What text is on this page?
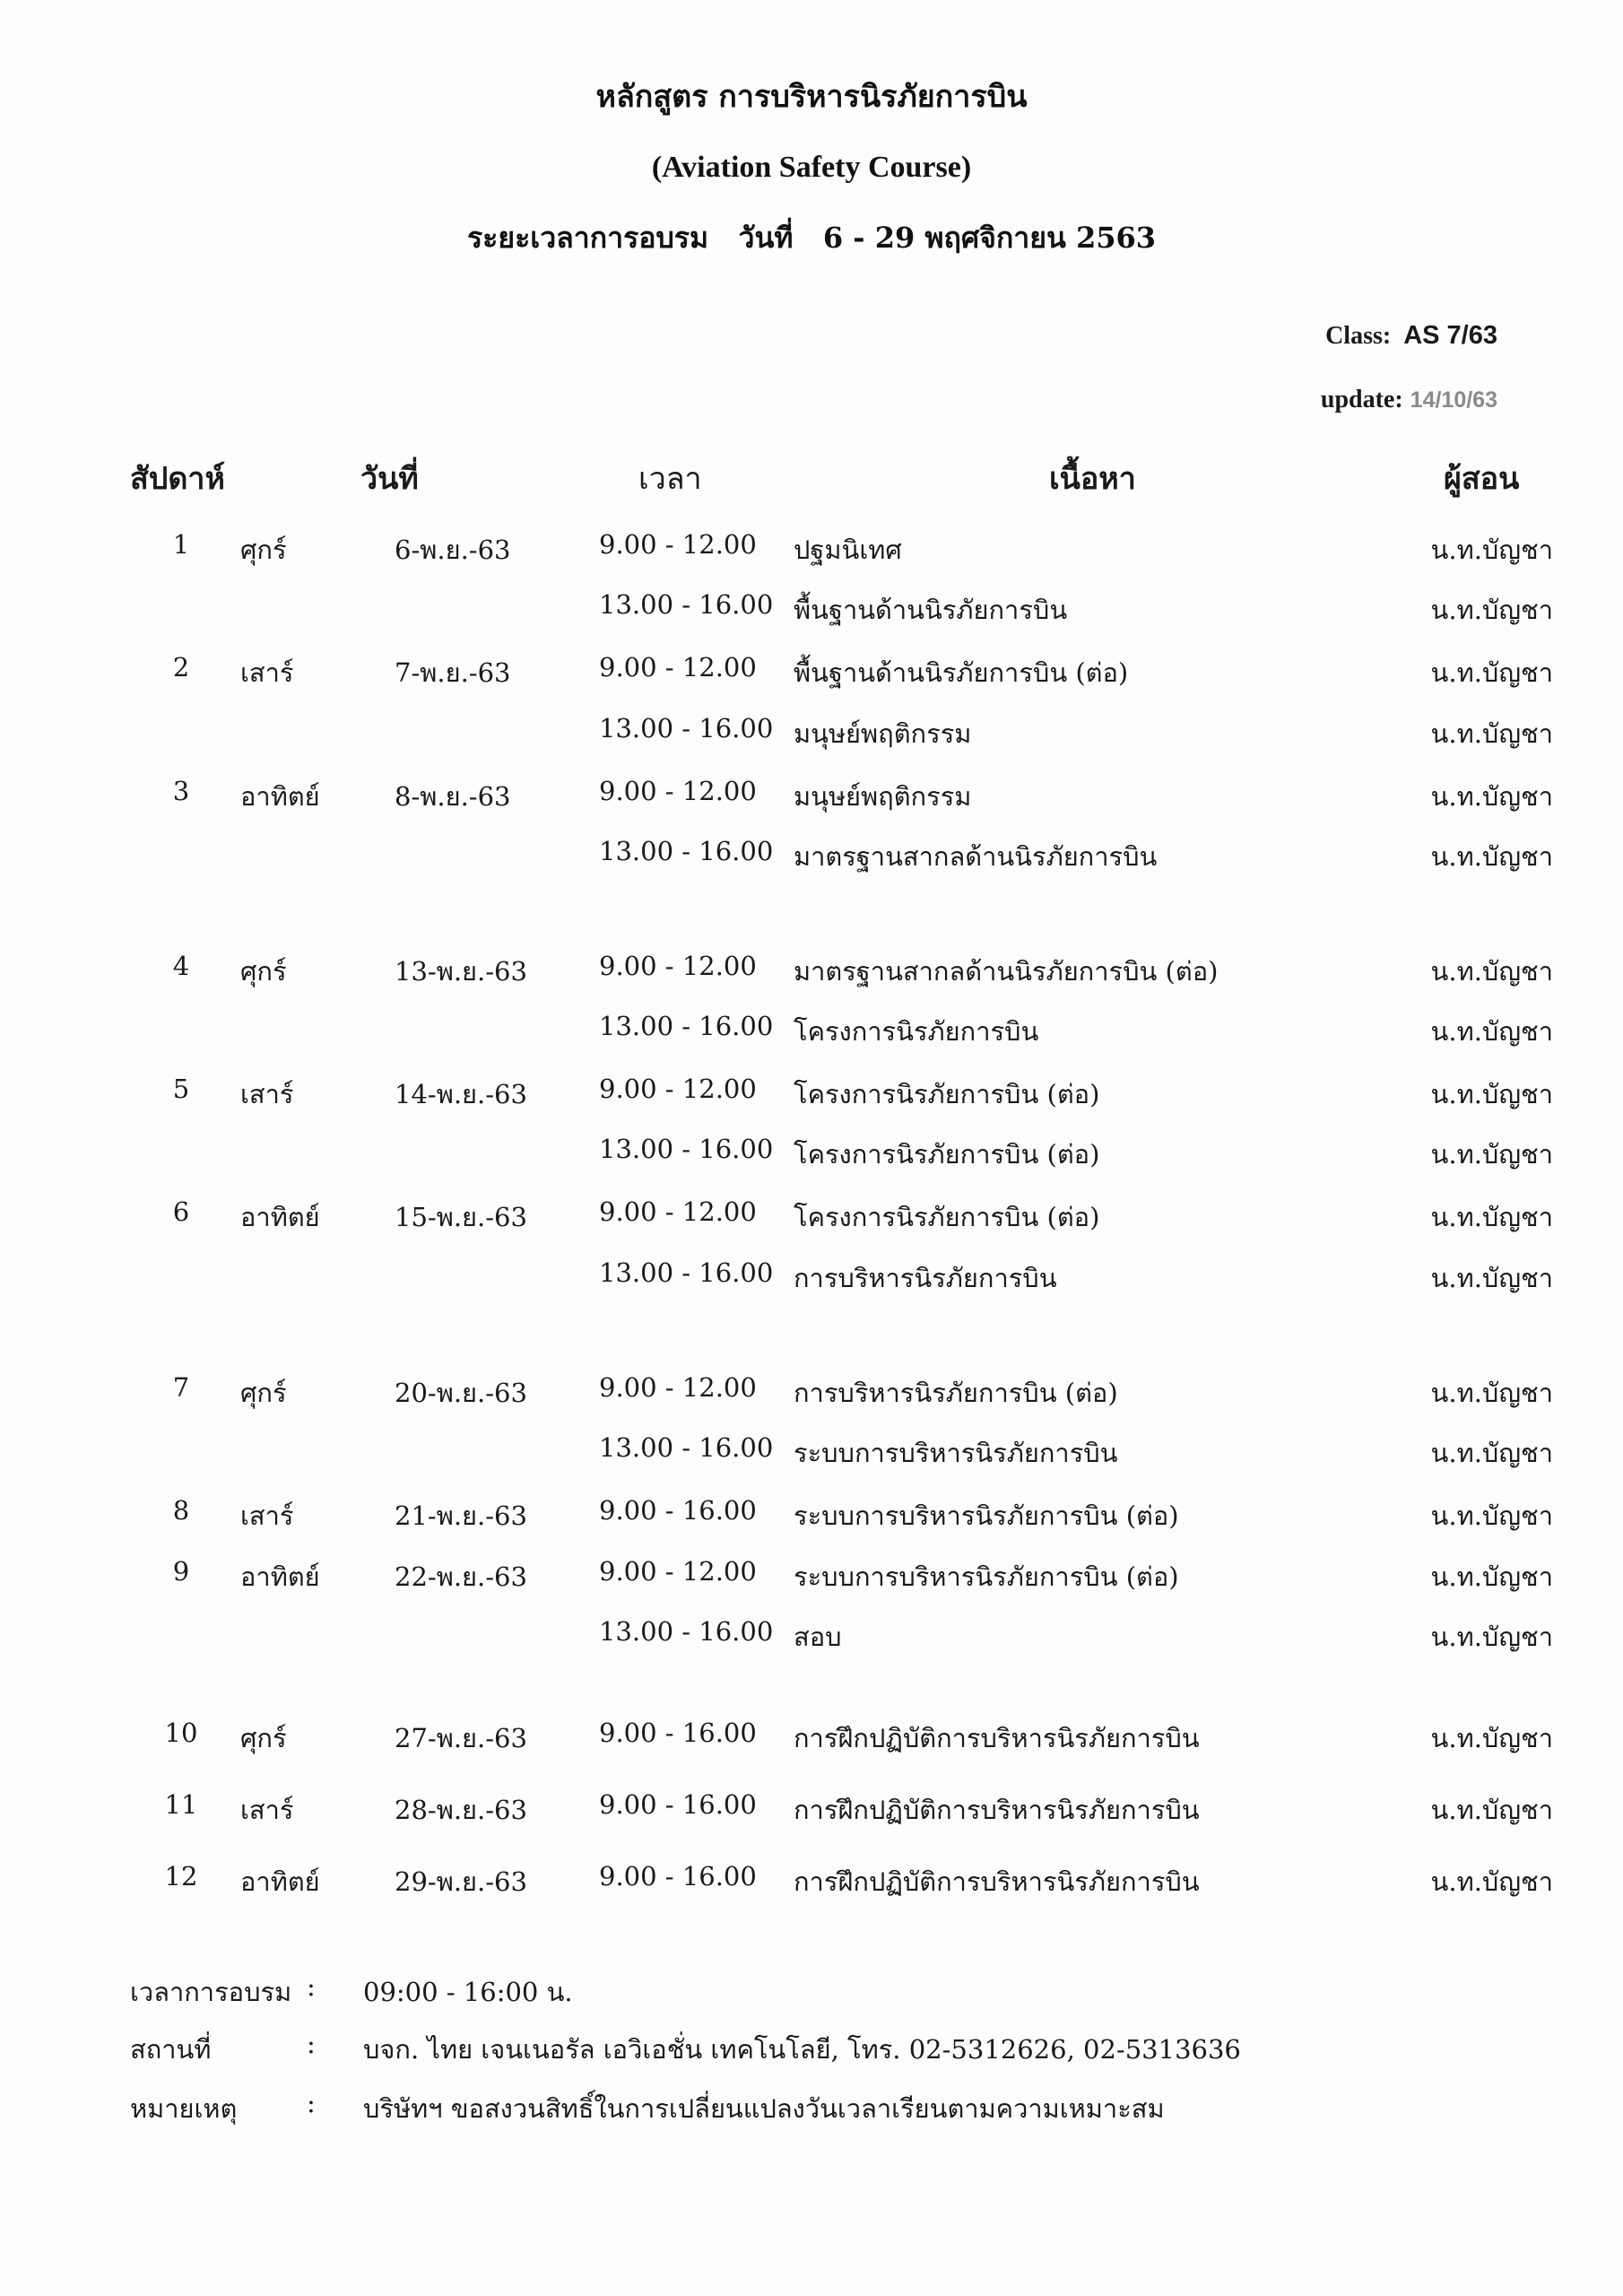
หลักสูตร การบริหารนิรภัยการบิน
(Aviation Safety Course)
ระยะเวลาการอบรม   วันที่   6 - 29 พฤศจิกายน 2563
Class: AS 7/63
update: 14/10/63
สัปดาห์	วันที่	เวลา	เนื้อหา	ผู้สอน
1	ศุกร์	6-พ.ย.-63	9.00 - 12.00 ปฐมนิเทศ	น.ท.บัญชา
13.00 - 16.00 พื้นฐานด้านนิรภัยการบิน	น.ท.บัญชา
2	เสาร์	7-พ.ย.-63	9.00 - 12.00 พื้นฐานด้านนิรภัยการบิน (ต่อ)	น.ท.บัญชา
13.00 - 16.00 มนุษย์พฤติกรรม	น.ท.บัญชา
3	อาทิตย์	8-พ.ย.-63	9.00 - 12.00 มนุษย์พฤติกรรม	น.ท.บัญชา
13.00 - 16.00 มาตรฐานสากลด้านนิรภัยการบิน	น.ท.บัญชา
4	ศุกร์	13-พ.ย.-63	9.00 - 12.00 มาตรฐานสากลด้านนิรภัยการบิน (ต่อ)	น.ท.บัญชา
13.00 - 16.00 โครงการนิรภัยการบิน	น.ท.บัญชา
5	เสาร์	14-พ.ย.-63	9.00 - 12.00 โครงการนิรภัยการบิน (ต่อ)	น.ท.บัญชา
13.00 - 16.00 โครงการนิรภัยการบิน (ต่อ)	น.ท.บัญชา
6	อาทิตย์	15-พ.ย.-63	9.00 - 12.00 โครงการนิรภัยการบิน (ต่อ)	น.ท.บัญชา
13.00 - 16.00 การบริหารนิรภัยการบิน	น.ท.บัญชา
7	ศุกร์	20-พ.ย.-63	9.00 - 12.00 การบริหารนิรภัยการบิน (ต่อ)	น.ท.บัญชา
13.00 - 16.00 ระบบการบริหารนิรภัยการบิน	น.ท.บัญชา
8	เสาร์	21-พ.ย.-63	9.00 - 16.00 ระบบการบริหารนิรภัยการบิน (ต่อ)	น.ท.บัญชา
9	อาทิตย์	22-พ.ย.-63	9.00 - 12.00 ระบบการบริหารนิรภัยการบิน (ต่อ)	น.ท.บัญชา
13.00 - 16.00 สอบ	น.ท.บัญชา
10	ศุกร์	27-พ.ย.-63	9.00 - 16.00 การฝึกปฏิบัติการบริหารนิรภัยการบิน	น.ท.บัญชา
11	เสาร์	28-พ.ย.-63	9.00 - 16.00 การฝึกปฏิบัติการบริหารนิรภัยการบิน	น.ท.บัญชา
12	อาทิตย์	29-พ.ย.-63	9.00 - 16.00 การฝึกปฏิบัติการบริหารนิรภัยการบิน	น.ท.บัญชา
เวลาการอบรม : 09:00 - 16:00 น.
สถานที่	: บจก. ไทย เจนเนอรัล เอวิเอชั่น เทคโนโลยี, โทร. 02-5312626, 02-5313636
หมายเหตุ	: บริษัทฯ ขอสงวนสิทธิ์ในการเปลี่ยนแปลงวันเวลาเรียนตามความเหมาะสม
